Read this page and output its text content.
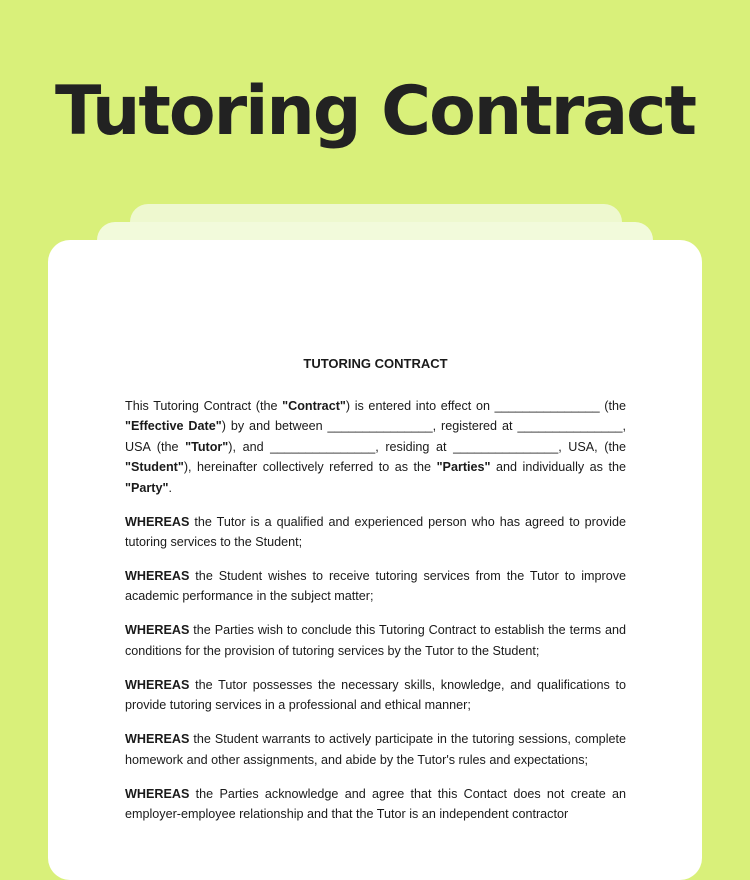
Tutoring Contract
TUTORING CONTRACT

This Tutoring Contract (the "Contract") is entered into effect on _______________ (the "Effective Date") by and between _______________, registered at _______________, USA (the "Tutor"), and _______________, residing at _______________, USA, (the "Student"), hereinafter collectively referred to as the "Parties" and individually as the "Party".

WHEREAS the Tutor is a qualified and experienced person who has agreed to provide tutoring services to the Student;

WHEREAS the Student wishes to receive tutoring services from the Tutor to improve academic performance in the subject matter;

WHEREAS the Parties wish to conclude this Tutoring Contract to establish the terms and conditions for the provision of tutoring services by the Tutor to the Student;

WHEREAS the Tutor possesses the necessary skills, knowledge, and qualifications to provide tutoring services in a professional and ethical manner;

WHEREAS the Student warrants to actively participate in the tutoring sessions, complete homework and other assignments, and abide by the Tutor's rules and expectations;

WHEREAS the Parties acknowledge and agree that this Contact does not create an employer-employee relationship and that the Tutor is an independent contractor
